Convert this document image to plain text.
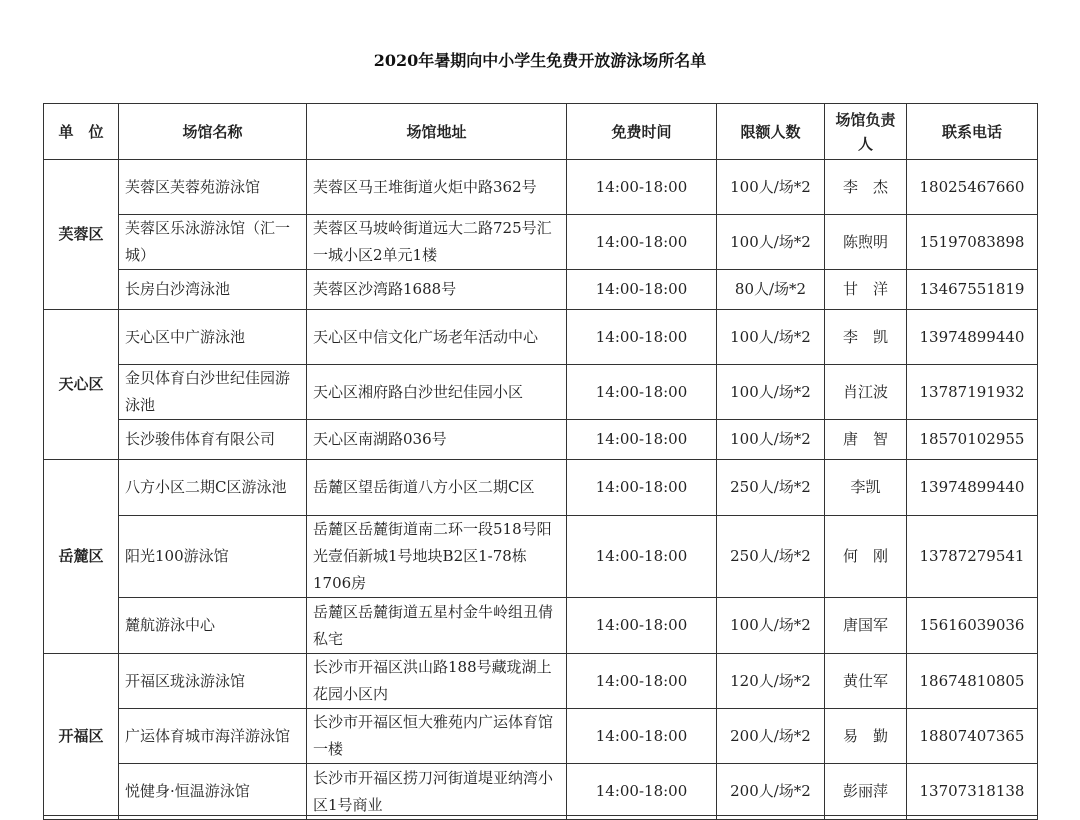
2020年暑期向中小学生免费开放游泳场所名单
单　位	场馆名称	场馆地址	免费时间	限额人数	场馆负责人	联系电话
芙蓉区	芙蓉区芙蓉苑游泳馆	芙蓉区马王堆街道火炬中路362号	14:00-18:00	100人/场*2	李　杰	18025467660
	芙蓉区乐泳游泳馆（汇一城）	芙蓉区马坡岭街道远大二路725号汇一城小区2单元1楼	14:00-18:00	100人/场*2	陈煦明	15197083898
	长房白沙湾泳池	芙蓉区沙湾路1688号	14:00-18:00	80人/场*2	甘　洋	13467551819
天心区	天心区中广游泳池	天心区中信文化广场老年活动中心	14:00-18:00	100人/场*2	李　凯	13974899440
	金贝体育白沙世纪佳园游泳池	天心区湘府路白沙世纪佳园小区	14:00-18:00	100人/场*2	肖江波	13787191932
	长沙骏伟体育有限公司	天心区南湖路036号	14:00-18:00	100人/场*2	唐　智	18570102955
岳麓区	八方小区二期C区游泳池	岳麓区望岳街道八方小区二期C区	14:00-18:00	250人/场*2	李凯	13974899440
	阳光100游泳馆	岳麓区岳麓街道南二环一段518号阳光壹佰新城1号地块B2区1-78栋1706房	14:00-18:00	250人/场*2	何　刚	13787279541
	麓航游泳中心	岳麓区岳麓街道五星村金牛岭组丑倩私宅	14:00-18:00	100人/场*2	唐国军	15616039036
开福区	开福区珑泳游泳馆	长沙市开福区洪山路188号藏珑湖上花园小区内	14:00-18:00	120人/场*2	黄仕军	18674810805
	广运体育城市海洋游泳馆	长沙市开福区恒大雅苑内广运体育馆一楼	14:00-18:00	200人/场*2	易　勤	18807407365
	悦健身·恒温游泳馆	长沙市开福区捞刀河街道堤亚纳湾小区1号商业	14:00-18:00	200人/场*2	彭丽萍	13707318138
